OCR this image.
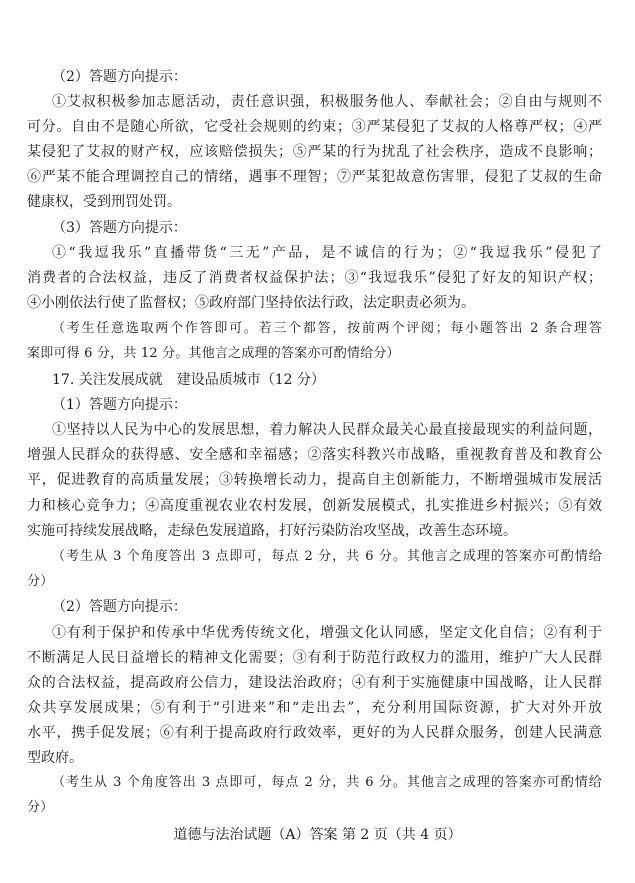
（2）答题方向提示：
①艾叔积极参加志愿活动，责任意识强，积极服务他人、奉献社会；②自由与规则不
可分。自由不是随心所欲，它受社会规则的约束；③严某侵犯了艾叔的人格尊严权；④严
某侵犯了艾叔的财产权，应该赔偿损失；⑤严某的行为扰乱了社会秩序，造成不良影响；
⑥严某不能合理调控自己的情绪，遇事不理智；⑦严某犯故意伤害罪，侵犯了艾叔的生命
健康权，受到刑罚处罚。
（3）答题方向提示：
①“我逗我乐”直播带货“三无”产品，是不诚信的行为；②“我逗我乐”侵犯了
消费者的合法权益，违反了消费者权益保护法；③“我逗我乐”侵犯了好友的知识产权；
④小刚依法行使了监督权；⑤政府部门坚持依法行政，法定职责必须为。
（考生任意选取两个作答即可。若三个都答，按前两个评阅；每小题答出 2 条合理答
案即可得 6 分，共 12 分。其他言之成理的答案亦可酌情给分）
17. 关注发展成就　建设品质城市（12 分）
（1）答题方向提示：
①坚持以人民为中心的发展思想，着力解决人民群众最关心最直接最现实的利益问题，
增强人民群众的获得感、安全感和幸福感；②落实科教兴市战略，重视教育普及和教育公
平，促进教育的高质量发展；③转换增长动力，提高自主创新能力，不断增强城市发展活
力和核心竞争力；④高度重视农业农村发展，创新发展模式，扎实推进乡村振兴；⑤有效
实施可持续发展战略，走绿色发展道路，打好污染防治攻坚战，改善生态环境。
（考生从 3 个角度答出 3 点即可，每点 2 分，共 6 分。其他言之成理的答案亦可酌情给
分）
（2）答题方向提示：
①有利于保护和传承中华优秀传统文化，增强文化认同感，坚定文化自信；②有利于
不断满足人民日益增长的精神文化需要；③有利于防范行政权力的滥用，维护广大人民群
众的合法权益，提高政府公信力，建设法治政府；④有利于实施健康中国战略，让人民群
众共享发展成果；⑤有利于“引进来”和“走出去”，充分利用国际资源，扩大对外开放
水平，携手促发展；⑥有利于提高政府行政效率，更好的为人民群众服务，创建人民满意
型政府。
（考生从 3 个角度答出 3 点即可，每点 2 分，共 6 分。其他言之成理的答案亦可酌情给
分）
道德与法治试题（A）答案 第 2 页（共 4 页）
